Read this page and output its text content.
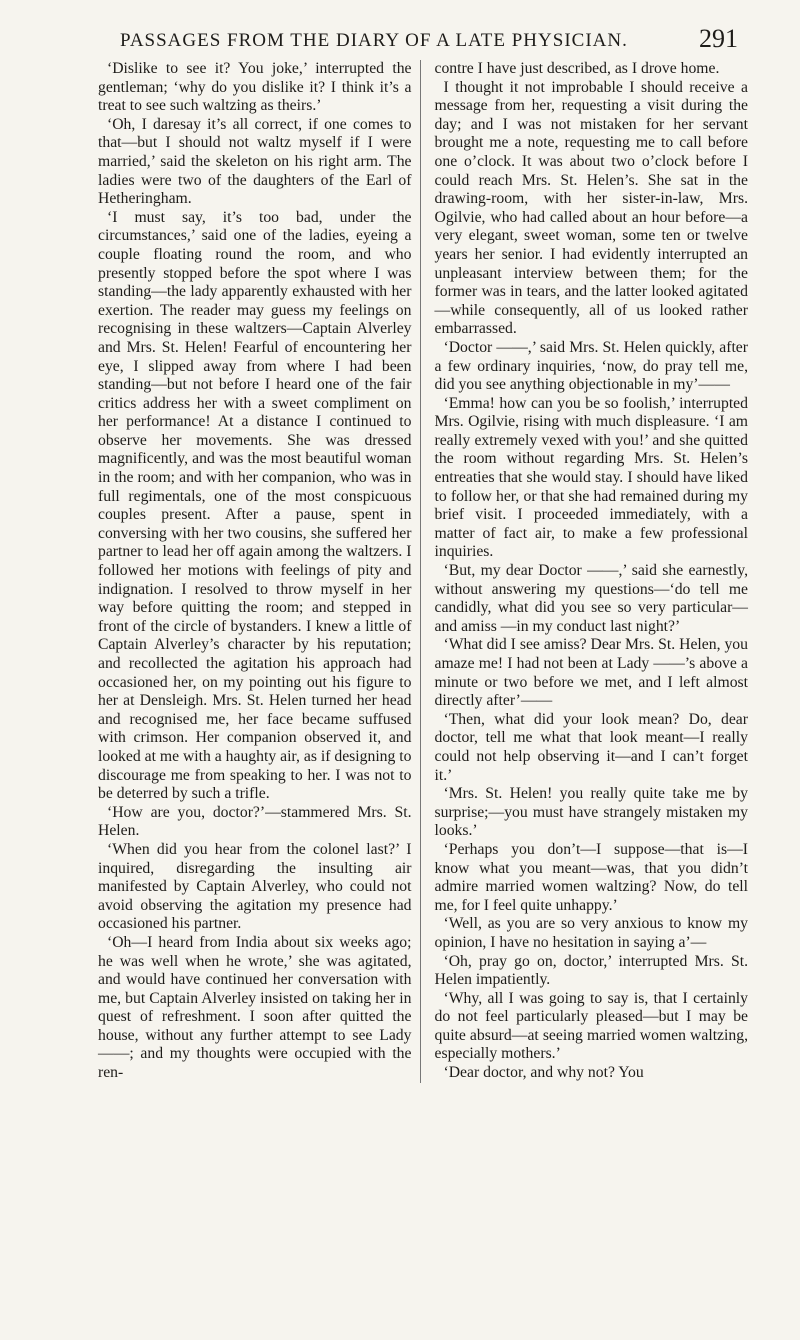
PASSAGES FROM THE DIARY OF A LATE PHYSICIAN.	291

‘Dislike to see it? You joke,’ interrupted the gentleman; ‘why do you dislike it? I think it’s a treat to see such waltzing as theirs.’

‘Oh, I daresay it’s all correct, if one comes to that—but I should not waltz myself if I were married,’ said the skeleton on his right arm. The ladies were two of the daughters of the Earl of Hetheringham.

‘I must say, it’s too bad, under the circumstances,’ said one of the ladies, eyeing a couple floating round the room, and who presently stopped before the spot where I was standing—the lady apparently exhausted with her exertion. The reader may guess my feelings on recognising in these waltzers—Captain Alverley and Mrs. St. Helen! Fearful of encountering her eye, I slipped away from where I had been standing—but not before I heard one of the fair critics address her with a sweet compliment on her performance! At a distance I continued to observe her movements. She was dressed magnificently, and was the most beautiful woman in the room; and with her companion, who was in full regimentals, one of the most conspicuous couples present. After a pause, spent in conversing with her two cousins, she suffered her partner to lead her off again among the waltzers. I followed her motions with feelings of pity and indignation. I resolved to throw myself in her way before quitting the room; and stepped in front of the circle of bystanders. I knew a little of Captain Alverley’s character by his reputation; and recollected the agitation his approach had occasioned her, on my pointing out his figure to her at Densleigh. Mrs. St. Helen turned her head and recognised me, her face became suffused with crimson. Her companion observed it, and looked at me with a haughty air, as if designing to discourage me from speaking to her. I was not to be deterred by such a trifle.

‘How are you, doctor?’—stammered Mrs. St. Helen.

‘When did you hear from the colonel last?’ I inquired, disregarding the insulting air manifested by Captain Alverley, who could not avoid observing the agitation my presence had occasioned his partner.

‘Oh—I heard from India about six weeks ago; he was well when he wrote,’ she was agitated, and would have continued her conversation with me, but Captain Alverley insisted on taking her in quest of refreshment. I soon after quitted the house, without any further attempt to see Lady ——; and my thoughts were occupied with the ren-

contre I have just described, as I drove home.

I thought it not improbable I should receive a message from her, requesting a visit during the day; and I was not mistaken for her servant brought me a note, requesting me to call before one o’clock. It was about two o’clock before I could reach Mrs. St. Helen’s. She sat in the drawing-room, with her sister-in-law, Mrs. Ogilvie, who had called about an hour before—a very elegant, sweet woman, some ten or twelve years her senior. I had evidently interrupted an unpleasant interview between them; for the former was in tears, and the latter looked agitated—while consequently, all of us looked rather embarrassed.

‘Doctor ——,’ said Mrs. St. Helen quickly, after a few ordinary inquiries, ‘now, do pray tell me, did you see anything objectionable in my’——

‘Emma! how can you be so foolish,’ interrupted Mrs. Ogilvie, rising with much displeasure. ‘I am really extremely vexed with you!’ and she quitted the room without regarding Mrs. St. Helen’s entreaties that she would stay. I should have liked to follow her, or that she had remained during my brief visit. I proceeded immediately, with a matter of fact air, to make a few professional inquiries.

‘But, my dear Doctor ——,’ said she earnestly, without answering my questions—‘do tell me candidly, what did you see so very particular—and amiss —in my conduct last night?’

‘What did I see amiss? Dear Mrs. St. Helen, you amaze me! I had not been at Lady ——’s above a minute or two before we met, and I left almost directly after’——

‘Then, what did your look mean? Do, dear doctor, tell me what that look meant—I really could not help observing it—and I can’t forget it.’

‘Mrs. St. Helen! you really quite take me by surprise;—you must have strangely mistaken my looks.’

‘Perhaps you don’t—I suppose—that is—I know what you meant—was, that you didn’t admire married women waltzing? Now, do tell me, for I feel quite unhappy.’

‘Well, as you are so very anxious to know my opinion, I have no hesitation in saying a’—

‘Oh, pray go on, doctor,’ interrupted Mrs. St. Helen impatiently.

‘Why, all I was going to say is, that I certainly do not feel particularly pleased—but I may be quite absurd—at seeing married women waltzing, especially mothers.’

‘Dear doctor, and why not? You
